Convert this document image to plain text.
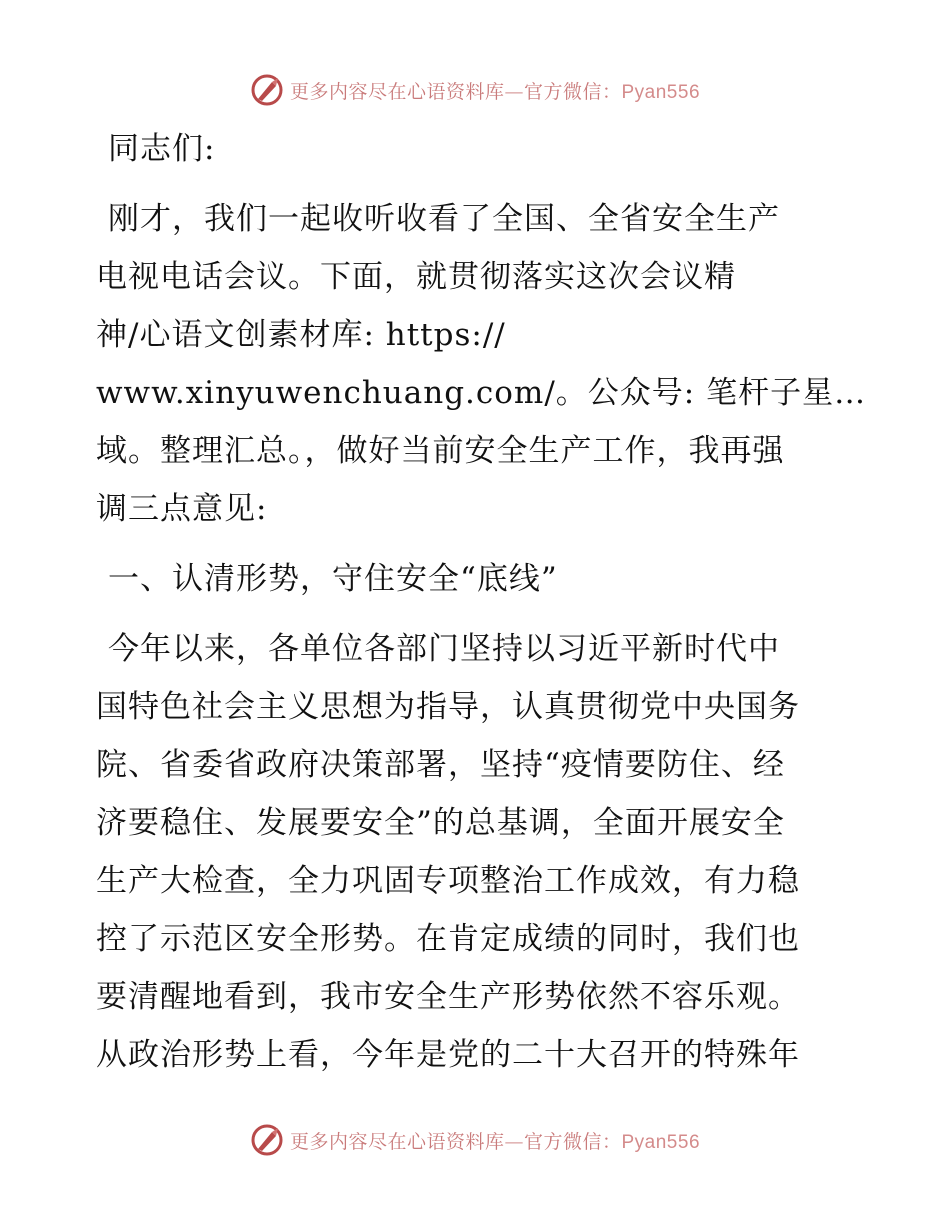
更多内容尽在心语资料库—官方微信：Pyan556
同志们:
刚才，我们一起收听收看了全国、全省安全生产
电视电话会议。下面，就贯彻落实这次会议精
神/心语文创素材库: https://
www.xinyuwenchuang.com/。公众号: 笔杆子星…
域。整理汇总。，做好当前安全生产工作，我再强
调三点意见:
一、认清形势，守住安全“底线”
今年以来，各单位各部门坚持以习近平新时代中
国特色社会主义思想为指导，认真贯彻党中央国务
院、省委省政府决策部署，坚持“疫情要防住、经
济要稳住、发展要安全”的总基调，全面开展安全
生产大检查，全力巩固专项整治工作成效，有力稳
控了示范区安全形势。在肯定成绩的同时，我们也
要清醒地看到，我市安全生产形势依然不容乐观。
从政治形势上看，今年是党的二十大召开的特殊年
更多内容尽在心语资料库—官方微信：Pyan556
